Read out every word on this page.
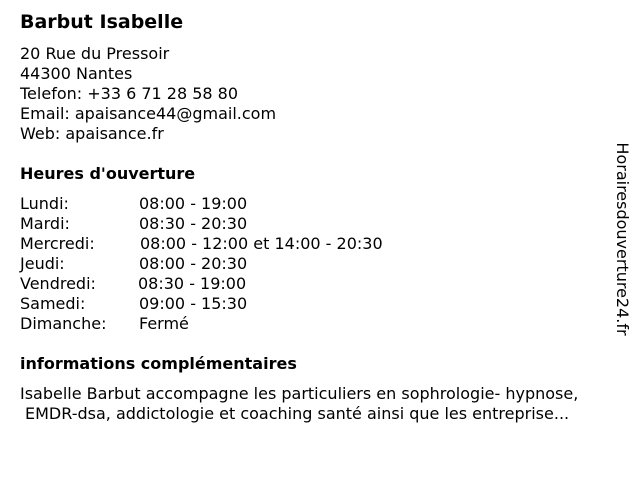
Barbut Isabelle
20 Rue du Pressoir
44300 Nantes
Telefon: +33 6 71 28 58 80
Email: apaisance44@gmail.com
Web: apaisance.fr
Heures d'ouverture
Lundi:	08:00 - 19:00
Mardi:	08:30 - 20:30
Mercredi:	08:00 - 12:00 et 14:00 - 20:30
Jeudi:	08:00 - 20:30
Vendredi:	08:30 - 19:00
Samedi:	09:00 - 15:30
Dimanche: Fermé
informations complémentaires
Isabelle Barbut accompagne les particuliers en sophrologie- hypnose,
EMDR-dsa, addictologie et coaching santé ainsi que les entreprise...
Horairesdouverture24.fr
